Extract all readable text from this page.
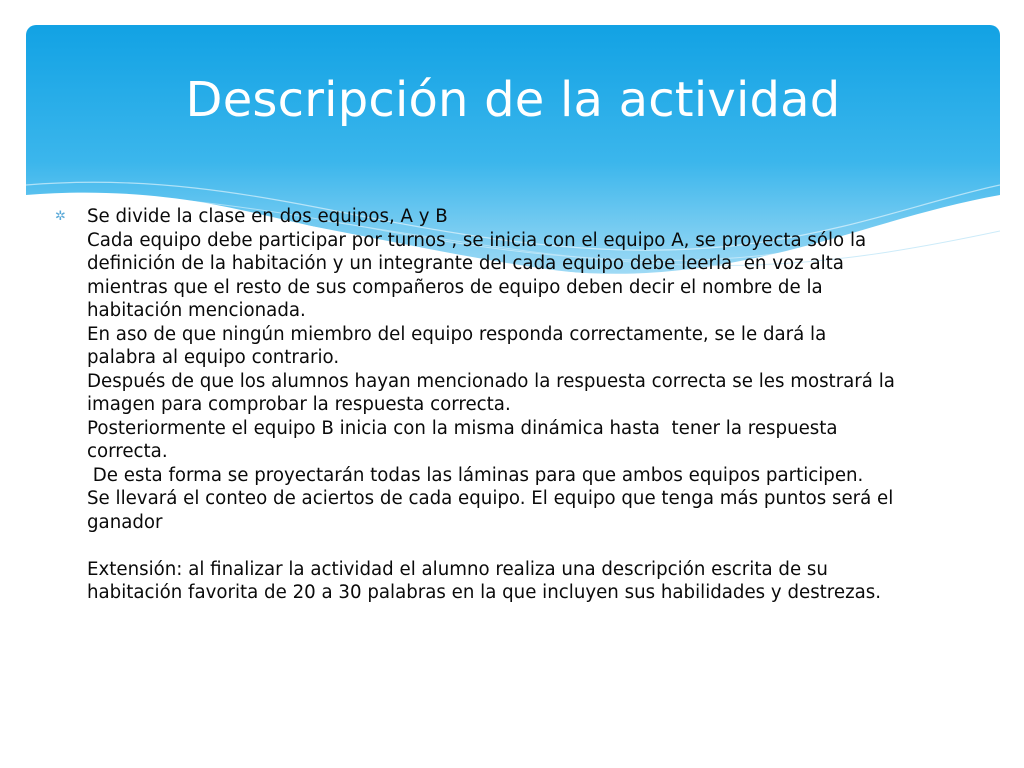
Descripción de la actividad
✲	Se divide la clase en dos equipos, A y B
Cada equipo debe participar por turnos , se inicia con el equipo A, se proyecta sólo la
definición de la habitación y un integrante del cada equipo debe leerla  en voz alta
mientras que el resto de sus compañeros de equipo deben decir el nombre de la
habitación mencionada.
En aso de que ningún miembro del equipo responda correctamente, se le dará la
palabra al equipo contrario.
Después de que los alumnos hayan mencionado la respuesta correcta se les mostrará la
imagen para comprobar la respuesta correcta.
Posteriormente el equipo B inicia con la misma dinámica hasta  tener la respuesta
correcta.
De esta forma se proyectarán todas las láminas para que ambos equipos participen.
Se llevará el conteo de aciertos de cada equipo. El equipo que tenga más puntos será el
ganador
Extensión: al finalizar la actividad el alumno realiza una descripción escrita de su
habitación favorita de 20 a 30 palabras en la que incluyen sus habilidades y destrezas.
